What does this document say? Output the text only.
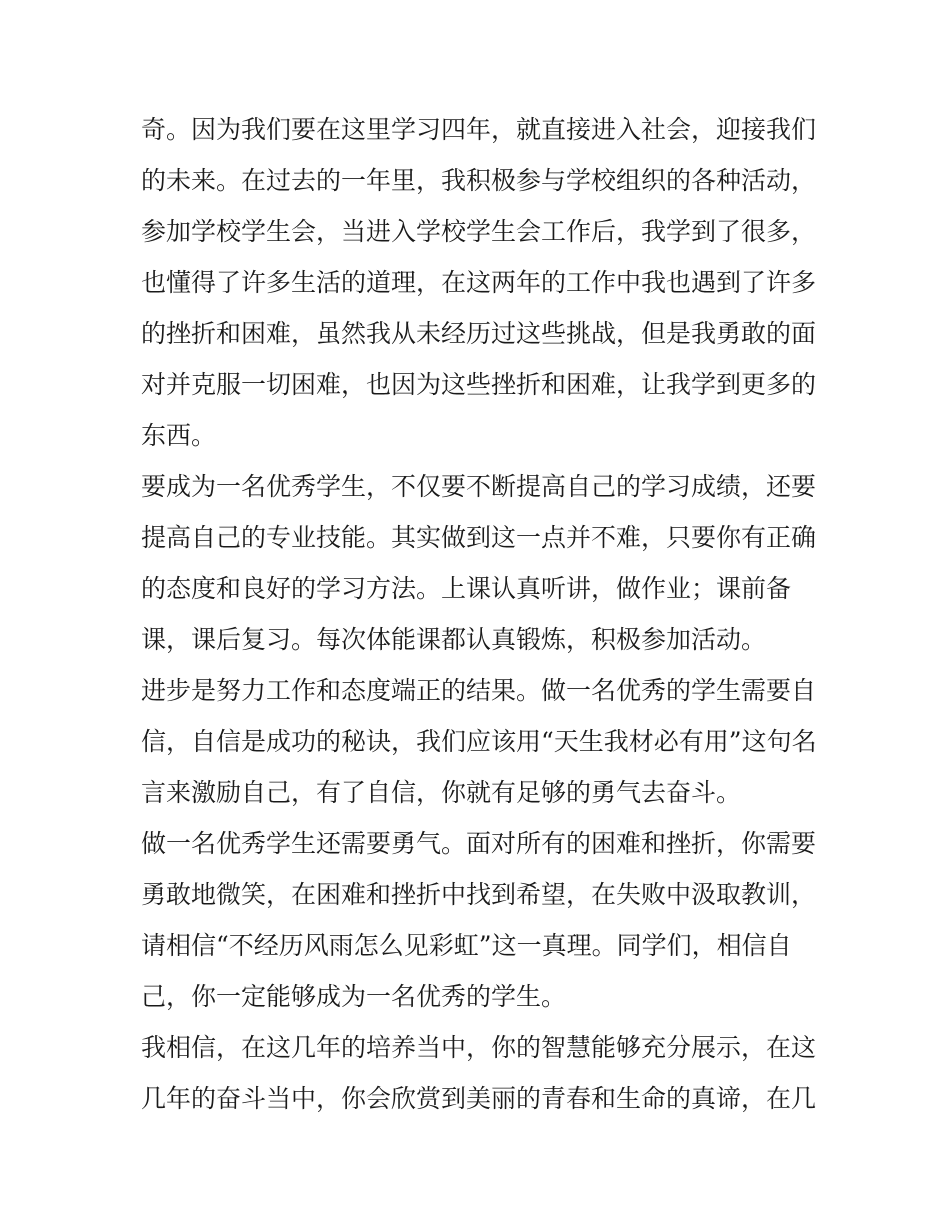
奇。因为我们要在这里学习四年，就直接进入社会，迎接我们
的未来。在过去的一年里，我积极参与学校组织的各种活动，
参加学校学生会，当进入学校学生会工作后，我学到了很多，
也懂得了许多生活的道理，在这两年的工作中我也遇到了许多
的挫折和困难，虽然我从未经历过这些挑战，但是我勇敢的面
对并克服一切困难，也因为这些挫折和困难，让我学到更多的
东西。
要成为一名优秀学生，不仅要不断提高自己的学习成绩，还要
提高自己的专业技能。其实做到这一点并不难，只要你有正确
的态度和良好的学习方法。上课认真听讲，做作业；课前备
课，课后复习。每次体能课都认真锻炼，积极参加活动。
进步是努力工作和态度端正的结果。做一名优秀的学生需要自
信，自信是成功的秘诀，我们应该用“天生我材必有用”这句名
言来激励自己，有了自信，你就有足够的勇气去奋斗。
做一名优秀学生还需要勇气。面对所有的困难和挫折，你需要
勇敢地微笑，在困难和挫折中找到希望，在失败中汲取教训，
请相信“不经历风雨怎么见彩虹”这一真理。同学们，相信自
己，你一定能够成为一名优秀的学生。
我相信，在这几年的培养当中，你的智慧能够充分展示，在这
几年的奋斗当中，你会欣赏到美丽的青春和生命的真谛，在几
